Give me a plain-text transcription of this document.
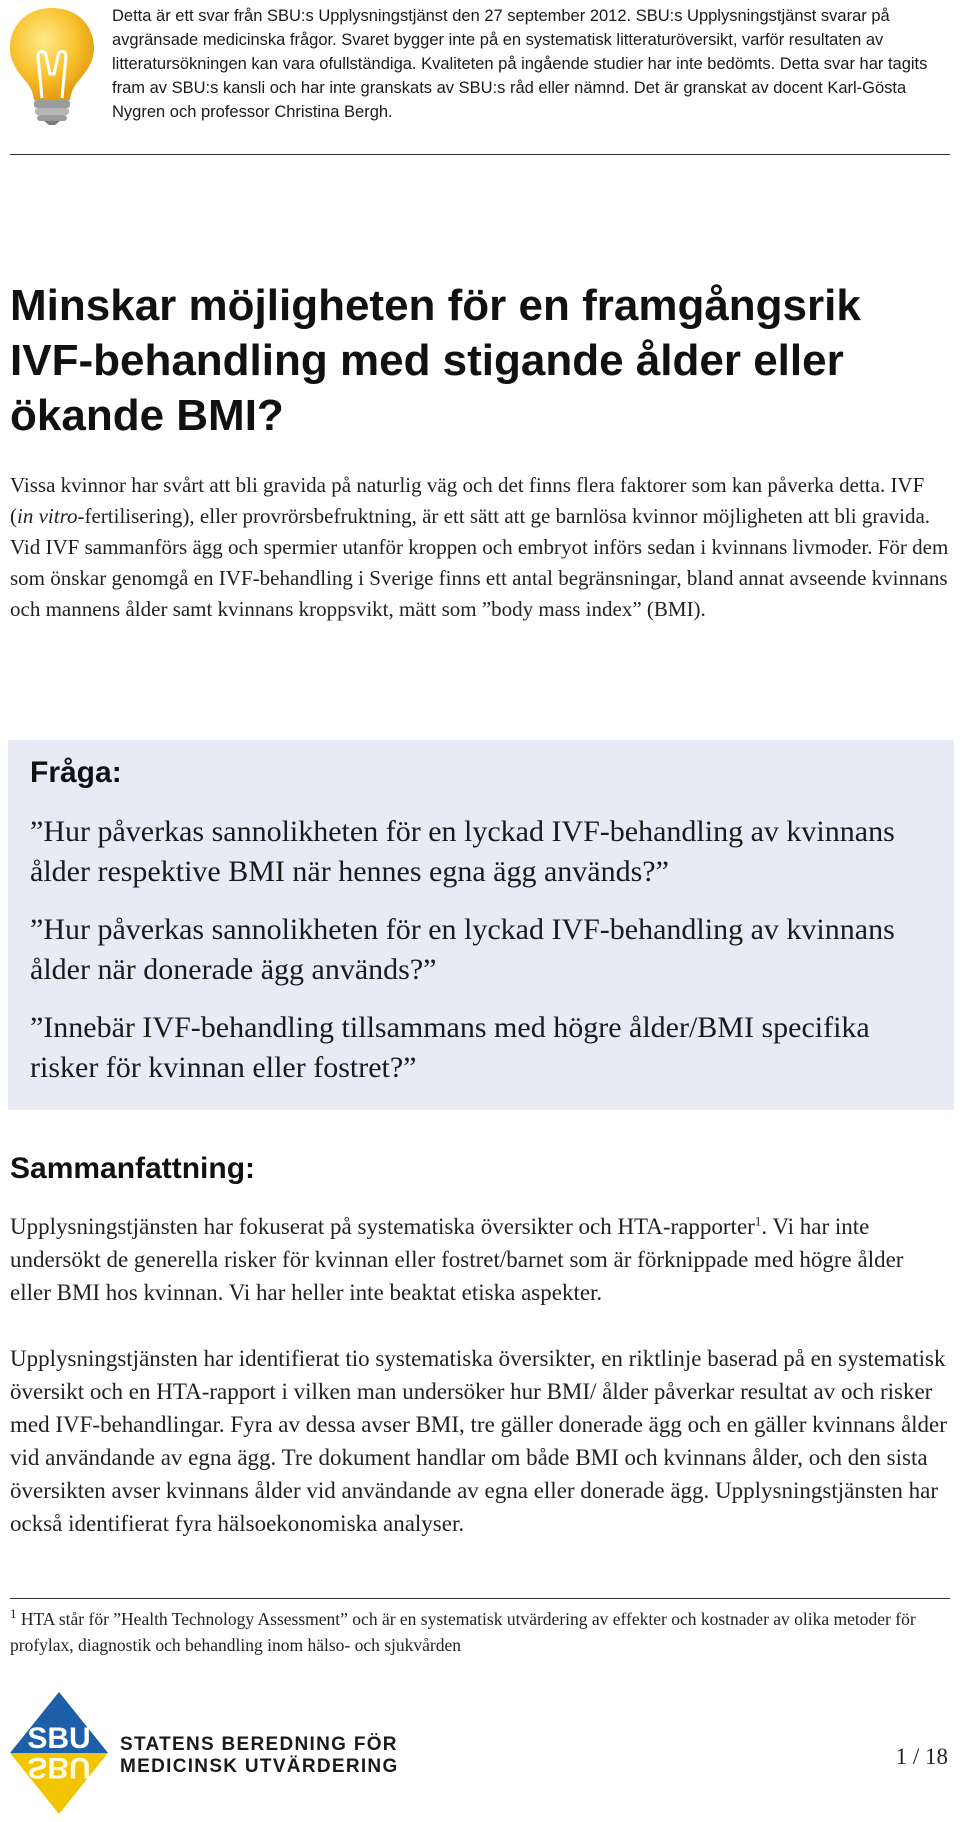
Detta är ett svar från SBU:s Upplysningstjänst den 27 september 2012. SBU:s Upplysningstjänst svarar på avgränsade medicinska frågor. Svaret bygger inte på en systematisk litteraturöversikt, varför resultaten av litteratursökningen kan vara ofullständiga. Kvaliteten på ingående studier har inte bedömts. Detta svar har tagits fram av SBU:s kansli och har inte granskats av SBU:s råd eller nämnd. Det är granskat av docent Karl-Gösta Nygren och professor Christina Bergh.
Minskar möjligheten för en framgångsrik IVF-behandling med stigande ålder eller ökande BMI?

Vissa kvinnor har svårt att bli gravida på naturlig väg och det finns flera faktorer som kan påverka detta. IVF (in vitro-fertilisering), eller provrörsbefruktning, är ett sätt att ge barnlösa kvinnor möjligheten att bli gravida. Vid IVF sammanförs ägg och spermier utanför kroppen och embryot införs sedan i kvinnans livmoder. För dem som önskar genomgå en IVF-behandling i Sverige finns ett antal begränsningar, bland annat avseende kvinnans och mannens ålder samt kvinnans kroppsvikt, mätt som ”body mass index” (BMI).

Fråga:

”Hur påverkas sannolikheten för en lyckad IVF-behandling av kvinnans ålder respektive BMI när hennes egna ägg används?”

”Hur påverkas sannolikheten för en lyckad IVF-behandling av kvinnans ålder när donerade ägg används?”

”Innebär IVF-behandling tillsammans med högre ålder/BMI specifika risker för kvinnan eller fostret?”

Sammanfattning:

Upplysningstjänsten har fokuserat på systematiska översikter och HTA-rapporter$^1$. Vi har inte undersökt de generella risker för kvinnan eller fostret/barnet som är förknippade med högre ålder eller BMI hos kvinnan. Vi har heller inte beaktat etiska aspekter.

Upplysningstjänsten har identifierat tio systematiska översikter, en riktlinje baserad på en systematisk översikt och en HTA-rapport i vilken man undersöker hur BMI/ ålder påverkar resultat av och risker med IVF-behandlingar. Fyra av dessa avser BMI, tre gäller donerade ägg och en gäller kvinnans ålder vid användande av egna ägg. Tre dokument handlar om både BMI och kvinnans ålder, och den sista översikten avser kvinnans ålder vid användande av egna eller donerade ägg. Upplysningstjänsten har också identifierat fyra hälsoekonomiska analyser.

$^1$ HTA står för ”Health Technology Assessment” och är en systematisk utvärdering av effekter och kostnader av olika metoder för profylax, diagnostik och behandling inom hälso- och sjukvården

SBU
SBU
STATENS BEREDNING FÖR
MEDICINSK UTVÄRDERING	1 / 18
